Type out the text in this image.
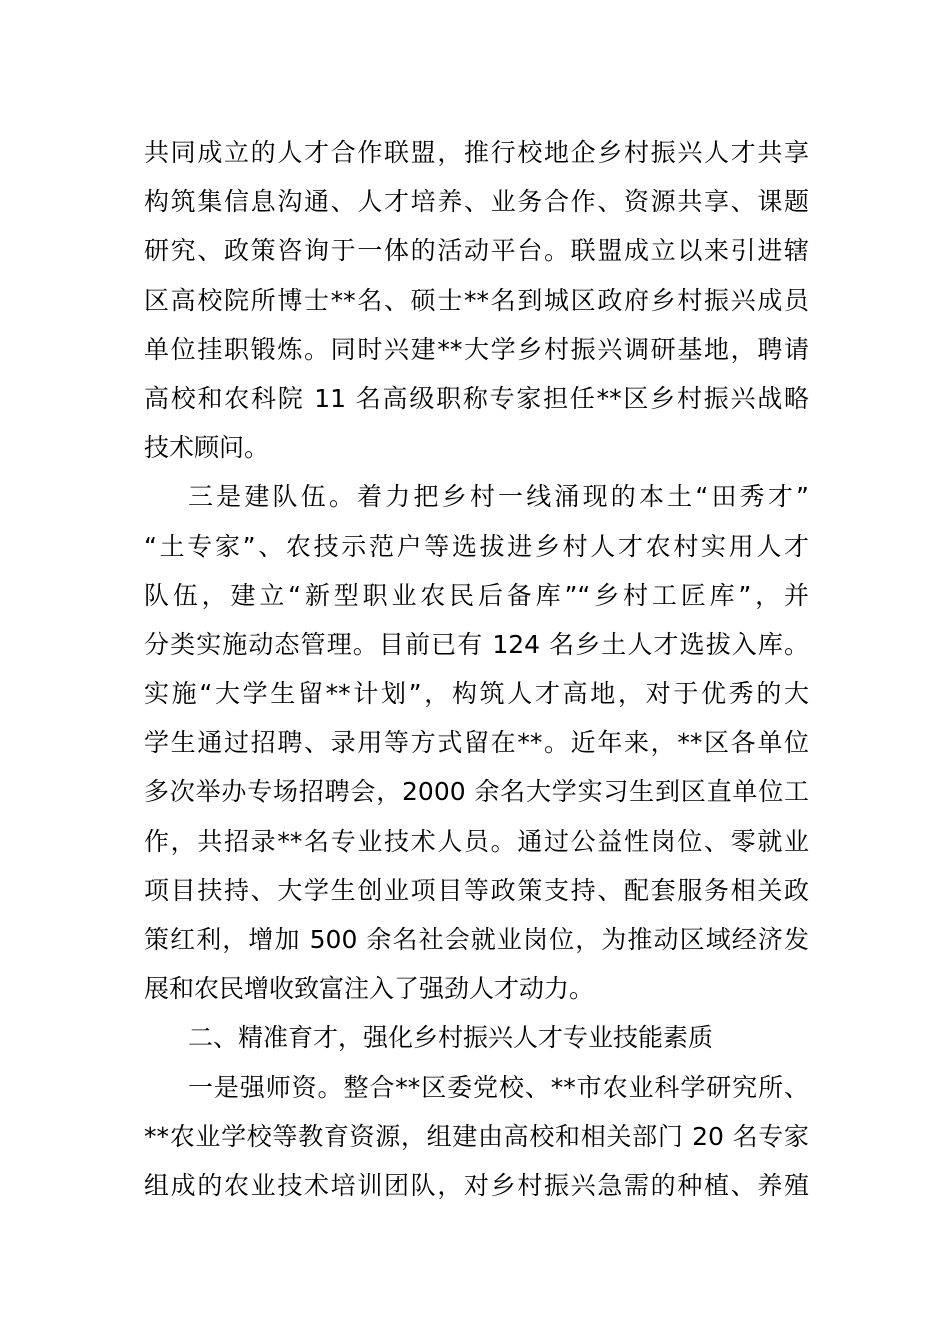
共同成立的人才合作联盟，推行校地企乡村振兴人才共享
构筑集信息沟通、人才培养、业务合作、资源共享、课题
研究、政策咨询于一体的活动平台。联盟成立以来引进辖
区高校院所博士**名、硕士**名到城区政府乡村振兴成员
单位挂职锻炼。同时兴建**大学乡村振兴调研基地，聘请
高校和农科院 11 名高级职称专家担任**区乡村振兴战略
技术顾问。
三是建队伍。着力把乡村一线涌现的本土“田秀才”
“土专家”、农技示范户等选拔进乡村人才农村实用人才
队伍，建立“新型职业农民后备库”“乡村工匠库”，并
分类实施动态管理。目前已有 124 名乡土人才选拔入库。
实施“大学生留**计划”，构筑人才高地，对于优秀的大
学生通过招聘、录用等方式留在**。近年来，**区各单位
多次举办专场招聘会，2000 余名大学实习生到区直单位工
作，共招录**名专业技术人员。通过公益性岗位、零就业
项目扶持、大学生创业项目等政策支持、配套服务相关政
策红利，增加 500 余名社会就业岗位，为推动区域经济发
展和农民增收致富注入了强劲人才动力。
二、精准育才，强化乡村振兴人才专业技能素质
一是强师资。整合**区委党校、**市农业科学研究所、
**农业学校等教育资源，组建由高校和相关部门 20 名专家
组成的农业技术培训团队，对乡村振兴急需的种植、养殖
